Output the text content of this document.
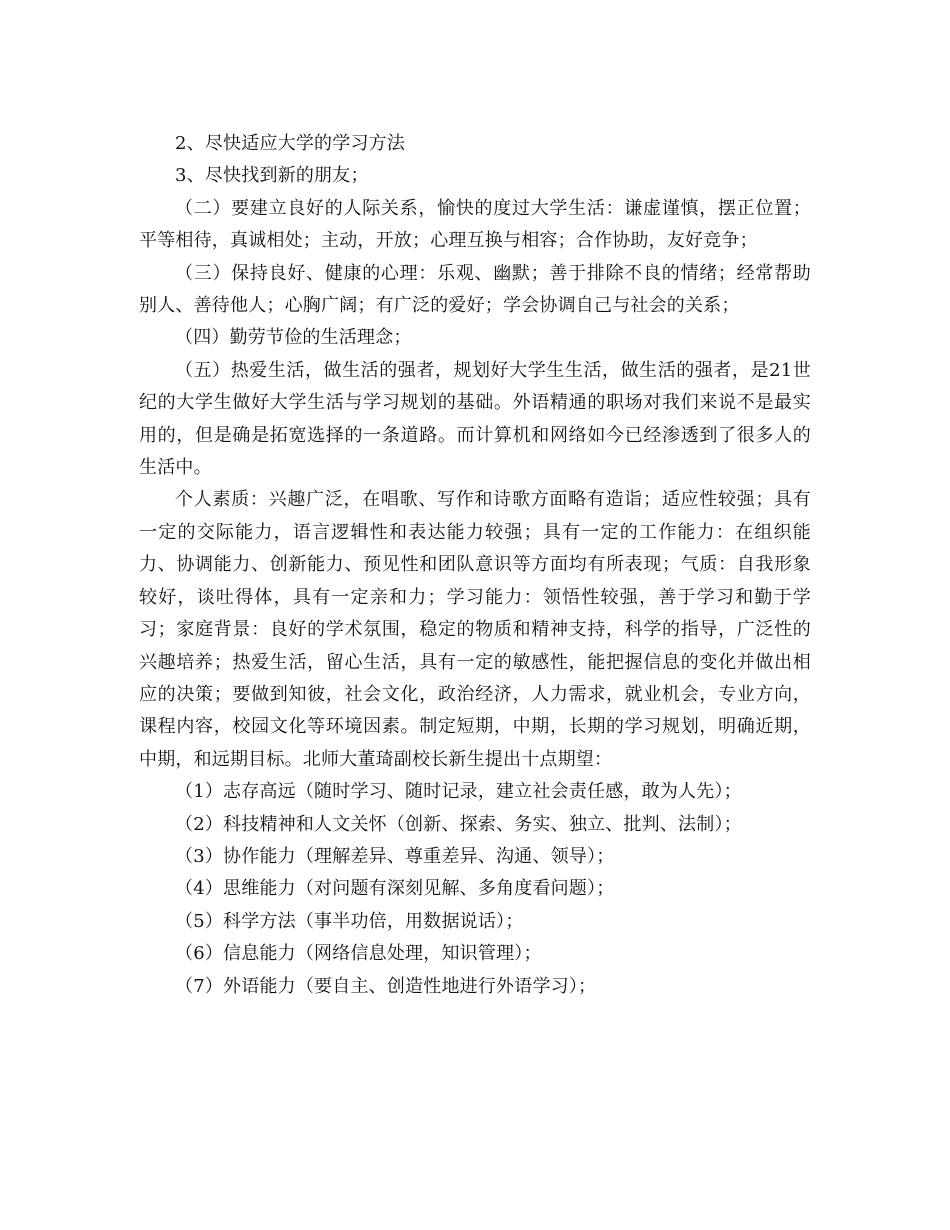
2、尽快适应大学的学习方法

3、尽快找到新的朋友；

（二）要建立良好的人际关系，愉快的度过大学生活：谦虚谨慎，摆正位置；平等相待，真诚相处；主动，开放；心理互换与相容；合作协助，友好竞争；

（三）保持良好、健康的心理：乐观、幽默；善于排除不良的情绪；经常帮助别人、善待他人；心胸广阔；有广泛的爱好；学会协调自己与社会的关系；

（四）勤劳节俭的生活理念；

（五）热爱生活，做生活的强者，规划好大学生生活，做生活的强者，是21世纪的大学生做好大学生活与学习规划的基础。外语精通的职场对我们来说不是最实用的，但是确是拓宽选择的一条道路。而计算机和网络如今已经渗透到了很多人的生活中。

个人素质：兴趣广泛，在唱歌、写作和诗歌方面略有造诣；适应性较强；具有一定的交际能力，语言逻辑性和表达能力较强；具有一定的工作能力：在组织能力、协调能力、创新能力、预见性和团队意识等方面均有所表现；气质：自我形象较好，谈吐得体，具有一定亲和力；学习能力：领悟性较强，善于学习和勤于学习；家庭背景：良好的学术氛围，稳定的物质和精神支持，科学的指导，广泛性的兴趣培养；热爱生活，留心生活，具有一定的敏感性，能把握信息的变化并做出相应的决策；要做到知彼，社会文化，政治经济，人力需求，就业机会，专业方向，课程内容，校园文化等环境因素。制定短期，中期，长期的学习规划，明确近期，中期，和远期目标。北师大董琦副校长新生提出十点期望：

（1）志存高远（随时学习、随时记录，建立社会责任感，敢为人先）；

（2）科技精神和人文关怀（创新、探索、务实、独立、批判、法制）；

（3）协作能力（理解差异、尊重差异、沟通、领导）；

（4）思维能力（对问题有深刻见解、多角度看问题）；

（5）科学方法（事半功倍，用数据说话）；

（6）信息能力（网络信息处理，知识管理）；

（7）外语能力（要自主、创造性地进行外语学习）；
